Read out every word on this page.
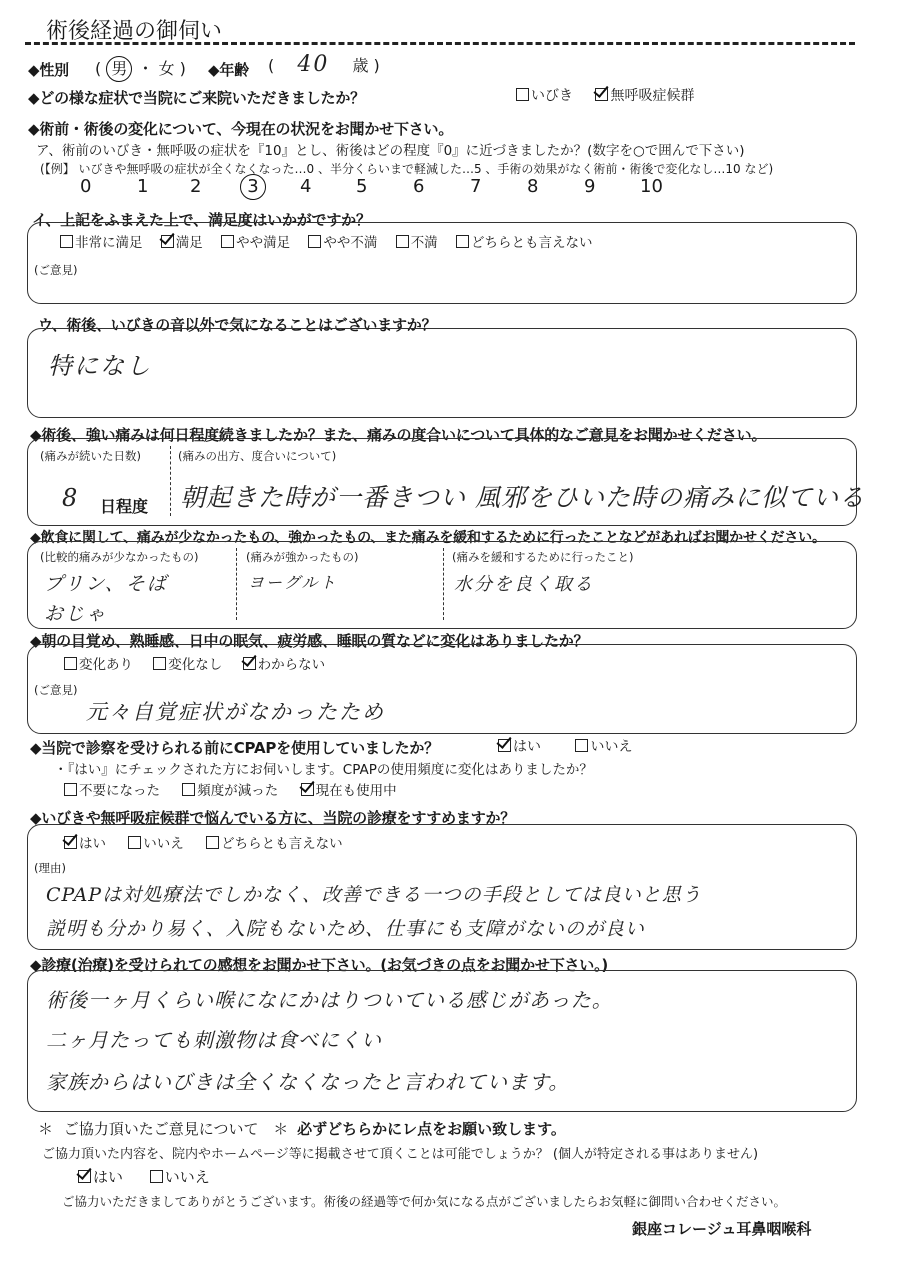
術後経過の御伺い
◆性別 ( 男 ・ 女 ) ◆年齢 ( 40 歳 )
◆どの様な症状で当院にご来院いただきましたか？	いびき	無呼吸症候群
◆術前・術後の変化について、今現在の状況をお聞かせ下さい。
ア、術前のいびき・無呼吸の症状を『10』とし、術後はどの程度『0』に近づきましたか？(数字を○で囲んで下さい)
(【例】 いびきや無呼吸の症状が全くなくなった…0 、半分くらいまで軽減した…5 、手術の効果がなく術前・術後で変化なし…10 など)
0	1 2	3	4 5	6	7	8	9 10
イ、上記をふまえた上で、満足度はいかがですか？
非常に満足 満足 やや満足 やや不満 不満 どちらとも言えない
(ご意見)
ウ、術後、いびきの音以外で気になることはございますか？
特になし
◆術後、強い痛みは何日程度続きましたか？また、痛みの度合いについて具体的なご意見をお聞かせください。
(痛みが続いた日数)
8 日程度
(痛みの出方、度合いについて)
朝起きた時が一番きつい 風邪をひいた時の痛みに似ている
◆飲食に関して、痛みが少なかったもの、強かったもの、また痛みを緩和するために行ったことなどがあればお聞かせください。
(比較的痛みが少なかったもの)
プリン、そば
おじゃ
(痛みが強かったもの)
ヨーグルト
(痛みを緩和するために行ったこと)
水分を良く取る
◆朝の目覚め、熟睡感、日中の眠気、疲労感、睡眠の質などに変化はありましたか？
変化あり	変化なし	わからない
(ご意見)
元々自覚症状がなかったため
◆当院で診察を受けられる前にCPAPを使用していましたか？	はい	いいえ
・『はい』にチェックされた方にお伺いします。CPAPの使用頻度に変化はありましたか？
不要になった	頻度が減った	現在も使用中
◆いびきや無呼吸症候群で悩んでいる方に、当院の診療をすすめますか？
はい	いいえ	どちらとも言えない
(理由)
CPAPは対処療法でしかなく、改善できる一つの手段としては良いと思う
説明も分かり易く、入院もないため、仕事にも支障がないのが良い
◆診療(治療)を受けられての感想をお聞かせ下さい。(お気づきの点をお聞かせ下さい。)
術後一ヶ月くらい喉になにかはりついている感じがあった。
二ヶ月たっても刺激物は食べにくい
家族からはいびきは全くなくなったと言われています。
＊ ご協力頂いたご意見について ＊ 必ずどちらかにレ点をお願い致します。
ご協力頂いた内容を、院内やホームページ等に掲載させて頂くことは可能でしょうか？ (個人が特定される事はありません)
はい	いいえ
ご協力いただきましてありがとうございます。術後の経過等で何か気になる点がございましたらお気軽に御問い合わせください。
銀座コレージュ耳鼻咽喉科
